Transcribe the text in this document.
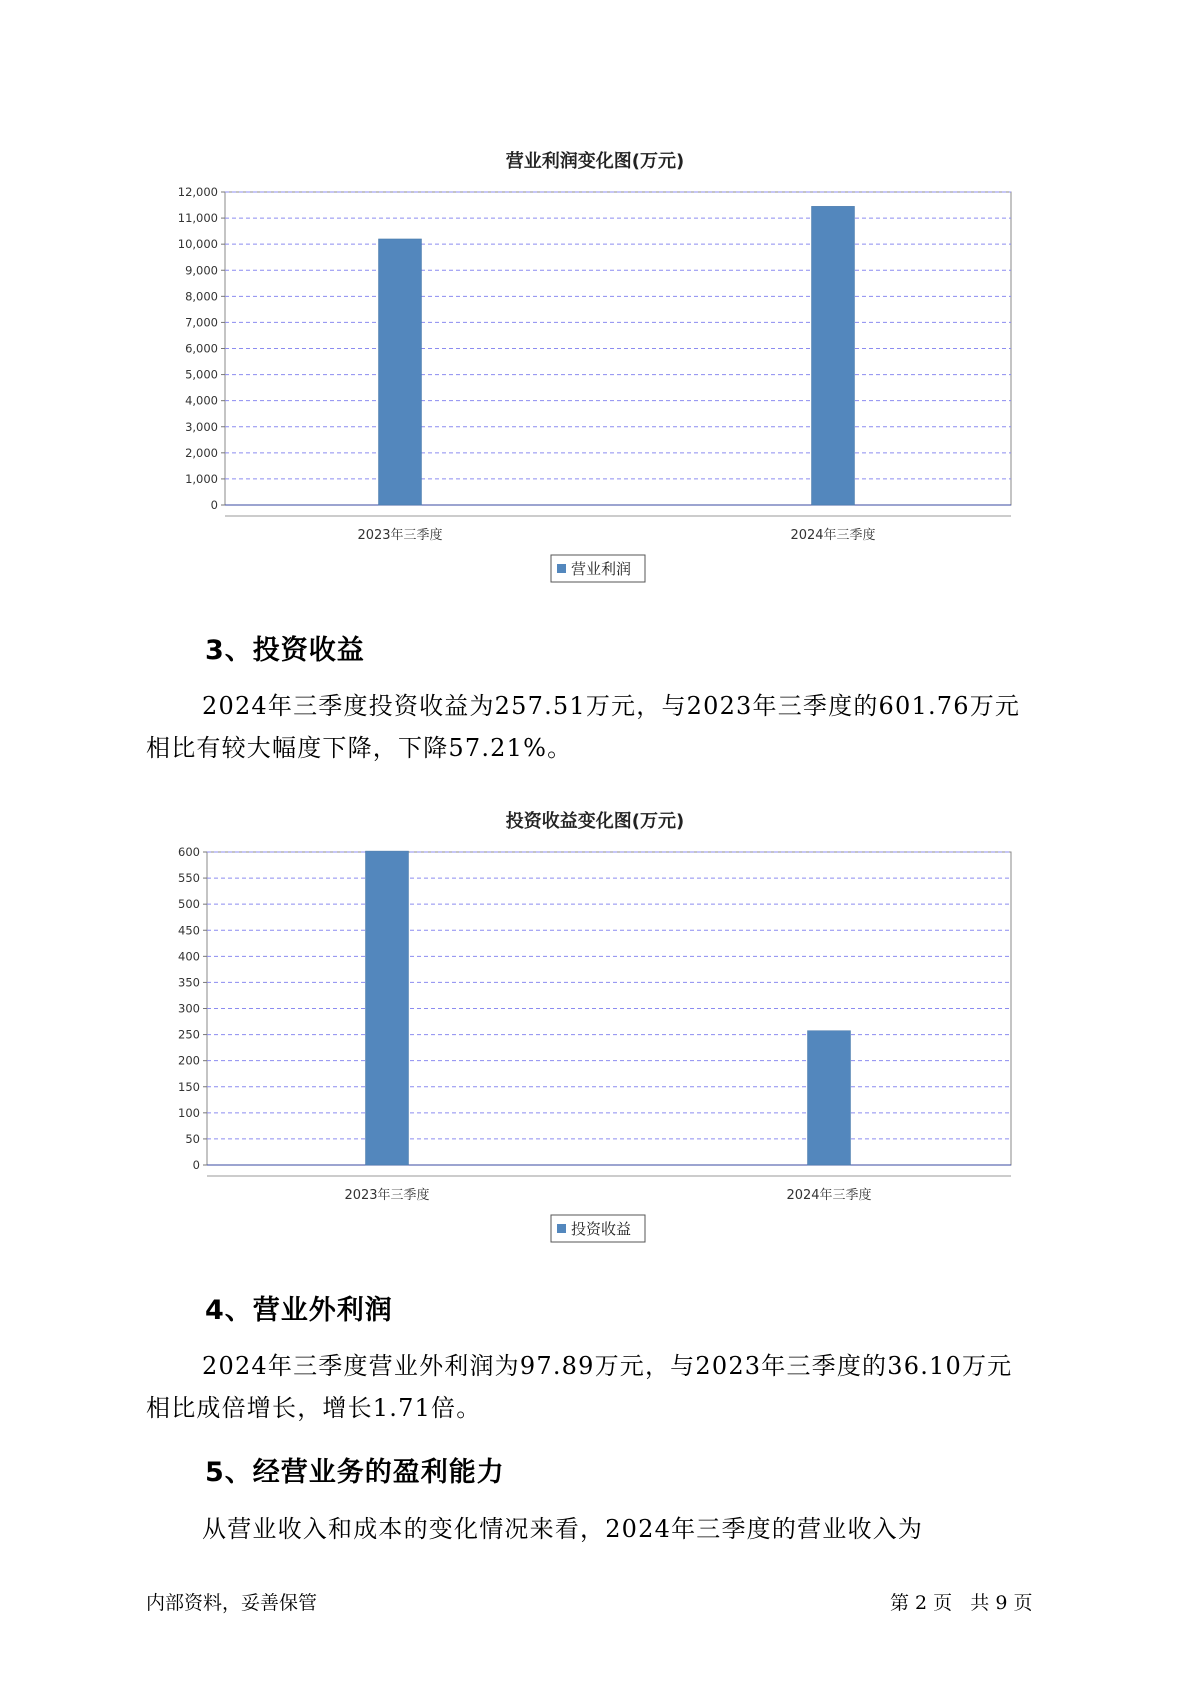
营业利润变化图(万元)
0
1,000
2,000
3,000
4,000
5,000
6,000
7,000
8,000
9,000
10,000
11,000
12,000
2023年三季度	2024年三季度
营业利润
3、投资收益

2024年三季度投资收益为257.51万元，与2023年三季度的601.76万元

相比有较大幅度下降，下降57.21%。

投资收益变化图(万元)
0
50
100
150
200
250
300
350
400
450
500
550
600
2023年三季度	2024年三季度
投资收益
4、营业外利润

2024年三季度营业外利润为97.89万元，与2023年三季度的36.10万元

相比成倍增长，增长1.71倍。

5、经营业务的盈利能力

从营业收入和成本的变化情况来看，2024年三季度的营业收入为

内部资料，妥善保管	第 2 页   共 9 页
